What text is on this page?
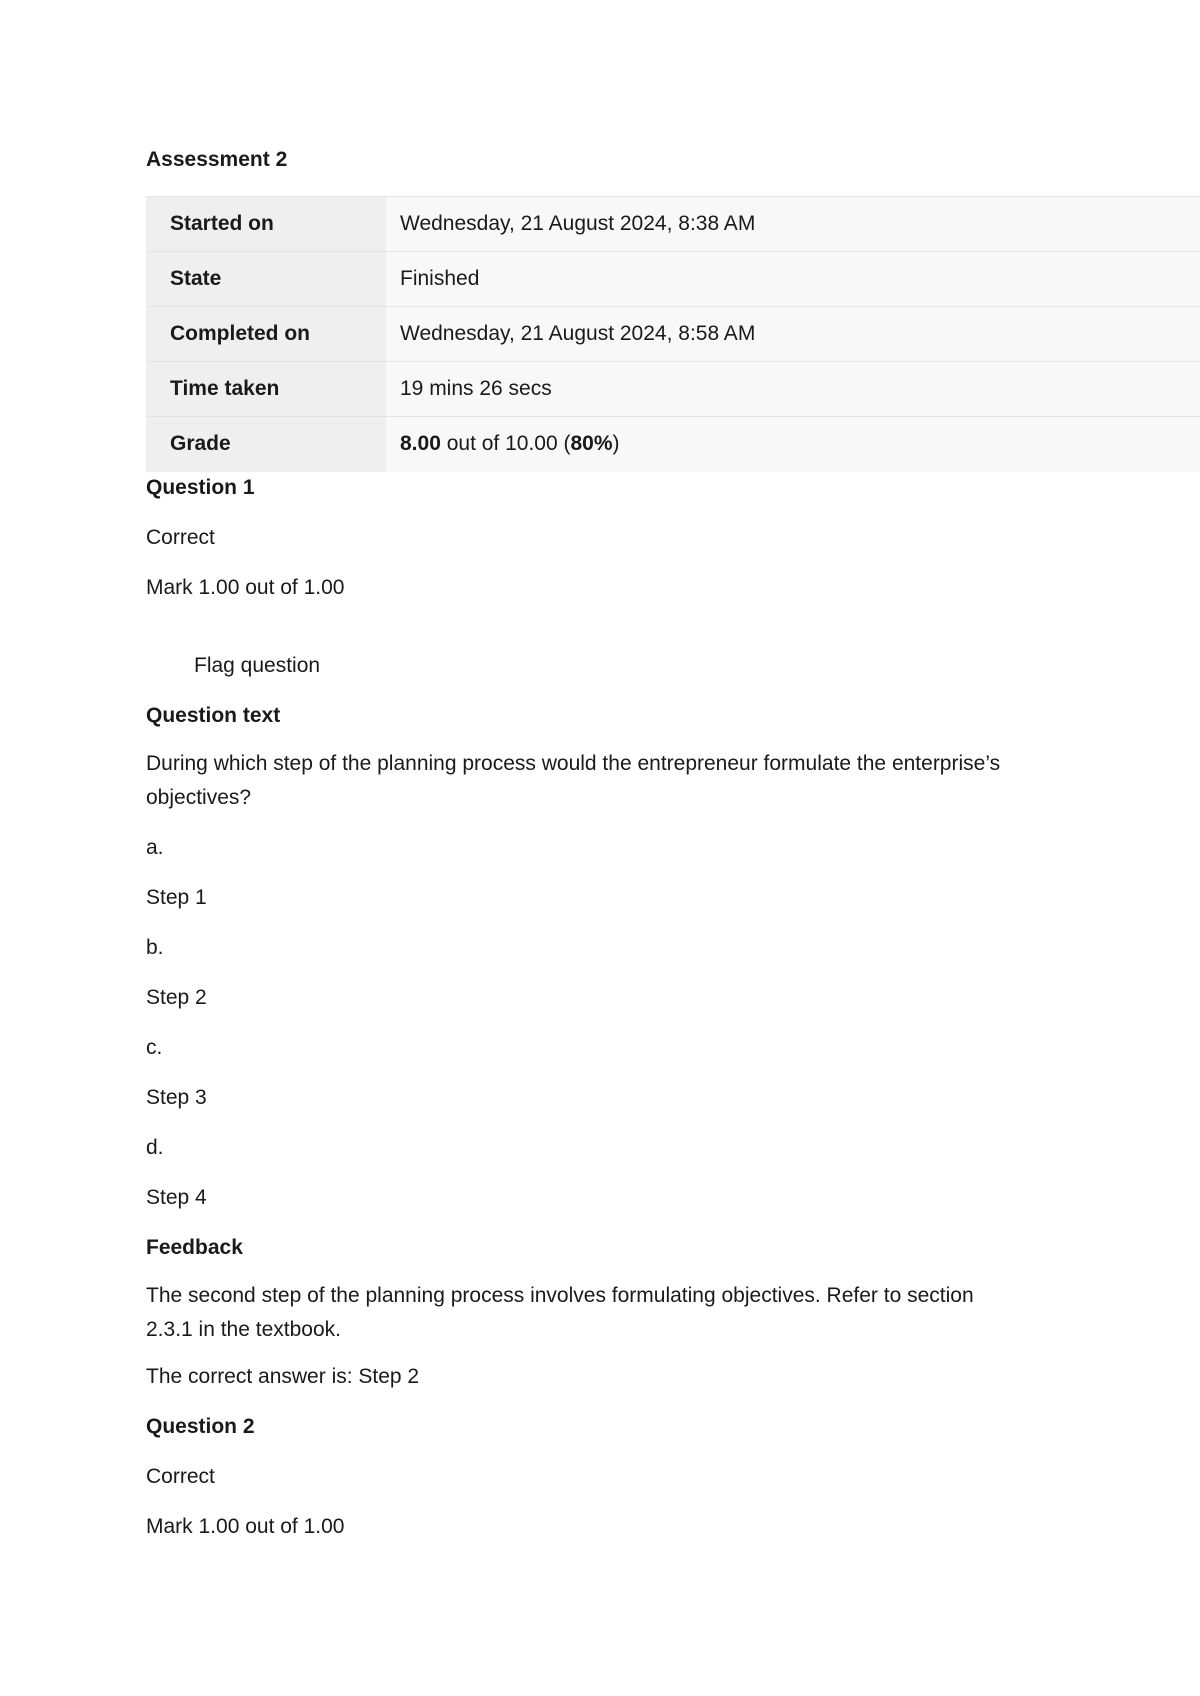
Assessment 2
Started on	Wednesday, 21 August 2024, 8:38 AM
State	Finished
Completed on	Wednesday, 21 August 2024, 8:58 AM
Time taken	19 mins 26 secs
Grade	8.00 out of 10.00 (80%)

Question 1

Correct

Mark 1.00 out of 1.00

Flag question

Question text

During which step of the planning process would the entrepreneur formulate the enterprise’s objectives?

a.

Step 1

b.

Step 2

c.

Step 3

d.

Step 4

Feedback

The second step of the planning process involves formulating objectives. Refer to section 2.3.1 in the textbook.

The correct answer is: Step 2

Question 2

Correct

Mark 1.00 out of 1.00
